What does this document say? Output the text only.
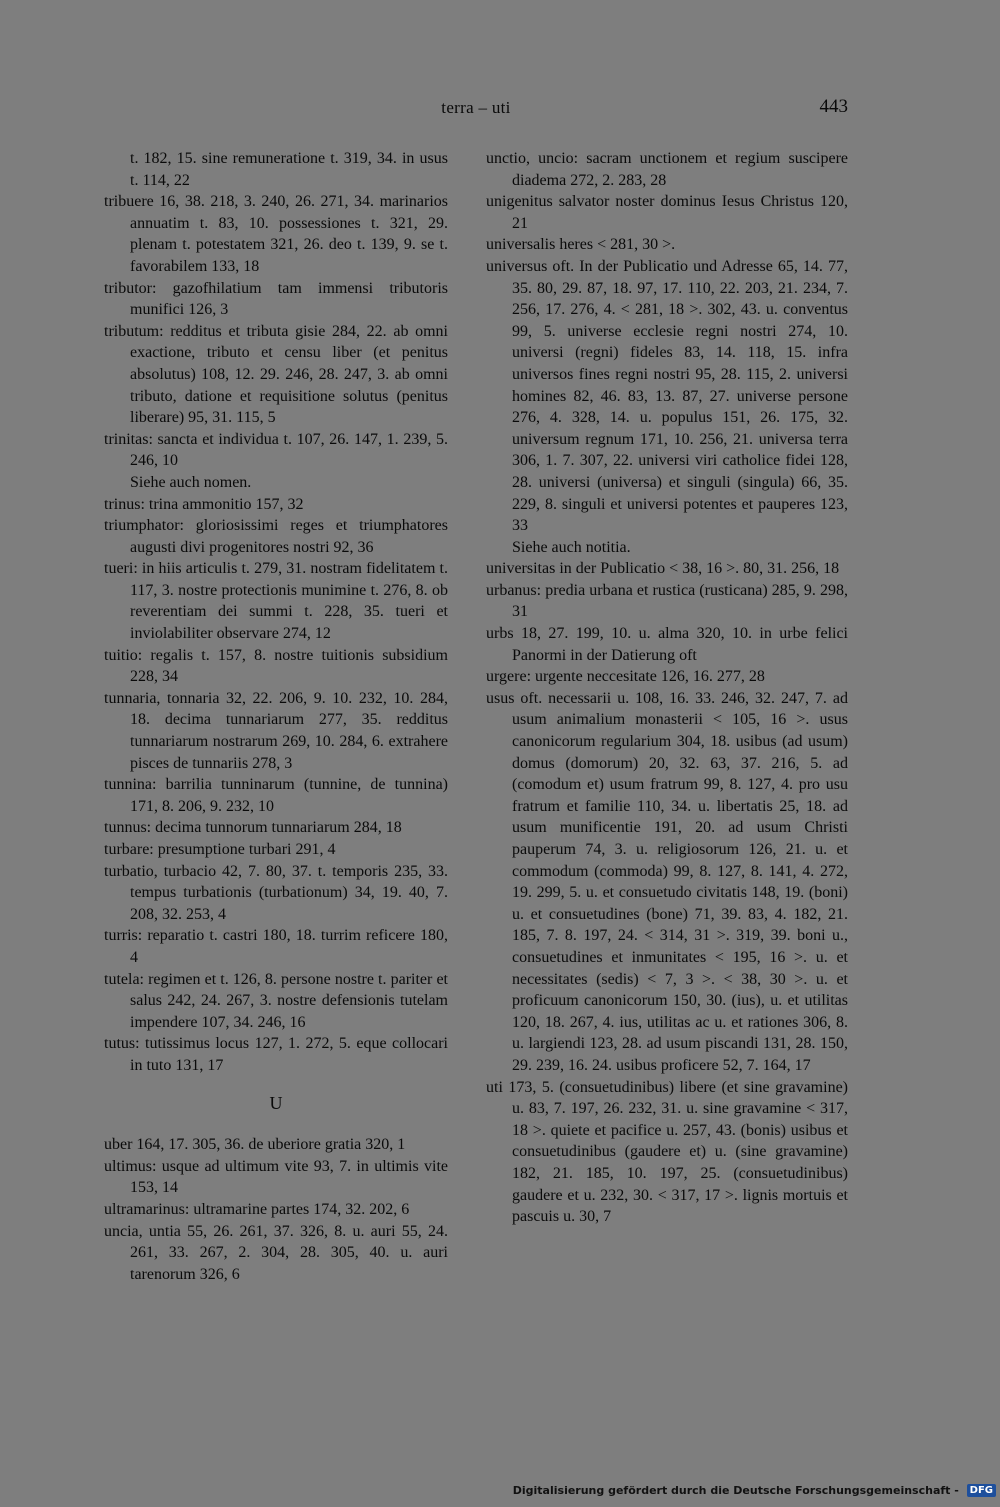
terra – uti	443

t. 182, 15. sine remuneratione t. 319, 34. in usus t. 114, 22

tribuere 16, 38. 218, 3. 240, 26. 271, 34. marinarios annuatim t. 83, 10. possessiones t. 321, 29. plenam t. potestatem 321, 26. deo t. 139, 9. se t. favorabilem 133, 18

tributor: gazofhilatium tam immensi tributoris munifici 126, 3

tributum: redditus et tributa gisie 284, 22. ab omni exactione, tributo et censu liber (et penitus absolutus) 108, 12. 29. 246, 28. 247, 3. ab omni tributo, datione et requisitione solutus (penitus liberare) 95, 31. 115, 5

trinitas: sancta et individua t. 107, 26. 147, 1. 239, 5. 246, 10

Siehe auch nomen.

trinus: trina ammonitio 157, 32

triumphator: gloriosissimi reges et triumphatores augusti divi progenitores nostri 92, 36

tueri: in hiis articulis t. 279, 31. nostram fidelitatem t. 117, 3. nostre protectionis munimine t. 276, 8. ob reverentiam dei summi t. 228, 35. tueri et inviolabiliter observare 274, 12

tuitio: regalis t. 157, 8. nostre tuitionis subsidium 228, 34

tunnaria, tonnaria 32, 22. 206, 9. 10. 232, 10. 284, 18. decima tunnariarum 277, 35. redditus tunnariarum nostrarum 269, 10. 284, 6. extrahere pisces de tunnariis 278, 3

tunnina: barrilia tunninarum (tunnine, de tunnina) 171, 8. 206, 9. 232, 10

tunnus: decima tunnorum tunnariarum 284, 18

turbare: presumptione turbari 291, 4

turbatio, turbacio 42, 7. 80, 37. t. temporis 235, 33. tempus turbationis (turbationum) 34, 19. 40, 7. 208, 32. 253, 4

turris: reparatio t. castri 180, 18. turrim reficere 180, 4

tutela: regimen et t. 126, 8. persone nostre t. pariter et salus 242, 24. 267, 3. nostre defensionis tutelam impendere 107, 34. 246, 16

tutus: tutissimus locus 127, 1. 272, 5. eque collocari in tuto 131, 17

U

uber 164, 17. 305, 36. de uberiore gratia 320, 1

ultimus: usque ad ultimum vite 93, 7. in ultimis vite 153, 14

ultramarinus: ultramarine partes 174, 32. 202, 6

uncia, untia 55, 26. 261, 37. 326, 8. u. auri 55, 24. 261, 33. 267, 2. 304, 28. 305, 40. u. auri tarenorum 326, 6

unctio, uncio: sacram unctionem et regium suscipere diadema 272, 2. 283, 28

unigenitus salvator noster dominus Iesus Christus 120, 21

universalis heres < 281, 30 >.

universus oft. In der Publicatio und Adresse 65, 14. 77, 35. 80, 29. 87, 18. 97, 17. 110, 22. 203, 21. 234, 7. 256, 17. 276, 4. < 281, 18 >. 302, 43. u. conventus 99, 5. universe ecclesie regni nostri 274, 10. universi (regni) fideles 83, 14. 118, 15. infra universos fines regni nostri 95, 28. 115, 2. universi homines 82, 46. 83, 13. 87, 27. universe persone 276, 4. 328, 14. u. populus 151, 26. 175, 32. universum regnum 171, 10. 256, 21. universa terra 306, 1. 7. 307, 22. universi viri catholice fidei 128, 28. universi (universa) et singuli (singula) 66, 35. 229, 8. singuli et universi potentes et pauperes 123, 33

Siehe auch notitia.

universitas in der Publicatio < 38, 16 >. 80, 31. 256, 18

urbanus: predia urbana et rustica (rusticana) 285, 9. 298, 31

urbs 18, 27. 199, 10. u. alma 320, 10. in urbe felici Panormi in der Datierung oft

urgere: urgente neccesitate 126, 16. 277, 28

usus oft. necessarii u. 108, 16. 33. 246, 32. 247, 7. ad usum animalium monasterii < 105, 16 >. usus canonicorum regularium 304, 18. usibus (ad usum) domus (domorum) 20, 32. 63, 37. 216, 5. ad (comodum et) usum fratrum 99, 8. 127, 4. pro usu fratrum et familie 110, 34. u. libertatis 25, 18. ad usum munificentie 191, 20. ad usum Christi pauperum 74, 3. u. religiosorum 126, 21. u. et commodum (commoda) 99, 8. 127, 8. 141, 4. 272, 19. 299, 5. u. et consuetudo civitatis 148, 19. (boni) u. et consuetudines (bone) 71, 39. 83, 4. 182, 21. 185, 7. 8. 197, 24. < 314, 31 >. 319, 39. boni u., consuetudines et inmunitates < 195, 16 >. u. et necessitates (sedis) < 7, 3 >. < 38, 30 >. u. et proficuum canonicorum 150, 30. (ius), u. et utilitas 120, 18. 267, 4. ius, utilitas ac u. et rationes 306, 8. u. largiendi 123, 28. ad usum piscandi 131, 28. 150, 29. 239, 16. 24. usibus proficere 52, 7. 164, 17

uti 173, 5. (consuetudinibus) libere (et sine gravamine) u. 83, 7. 197, 26. 232, 31. u. sine gravamine < 317, 18 >. quiete et pacifice u. 257, 43. (bonis) usibus et consuetudinibus (gaudere et) u. (sine gravamine) 182, 21. 185, 10. 197, 25. (consuetudinibus) gaudere et u. 232, 30. < 317, 17 >. lignis mortuis et pascuis u. 30, 7

Digitalisierung gefördert durch die Deutsche Forschungsgemeinschaft - DFG
